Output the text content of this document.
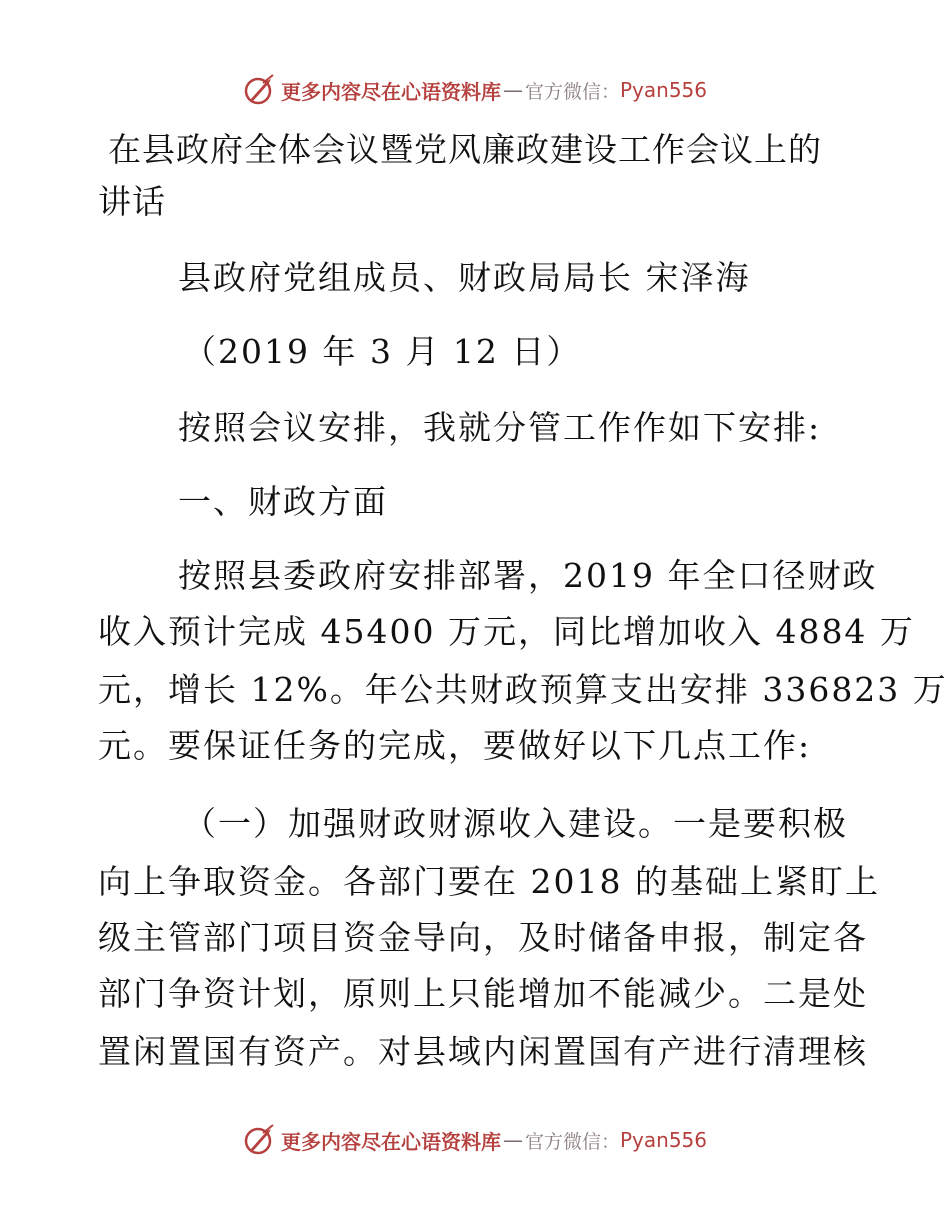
更多内容尽在心语资料库 — 官方微信： Pyan556
在县政府全体会议暨党风廉政建设工作会议上的
讲话
县政府党组成员、财政局局长 宋泽海
（2019 年 3 月 12 日）
按照会议安排，我就分管工作作如下安排:
一、财政方面
按照县委政府安排部署，2019 年全口径财政
收入预计完成 45400 万元，同比增加收入 4884 万
元，增长 12%。年公共财政预算支出安排 336823 万
元。要保证任务的完成，要做好以下几点工作:
（一）加强财政财源收入建设。一是要积极
向上争取资金。各部门要在 2018 的基础上紧盯上
级主管部门项目资金导向，及时储备申报，制定各
部门争资计划，原则上只能增加不能减少。二是处
置闲置国有资产。对县域内闲置国有产进行清理核
更多内容尽在心语资料库 — 官方微信： Pyan556
